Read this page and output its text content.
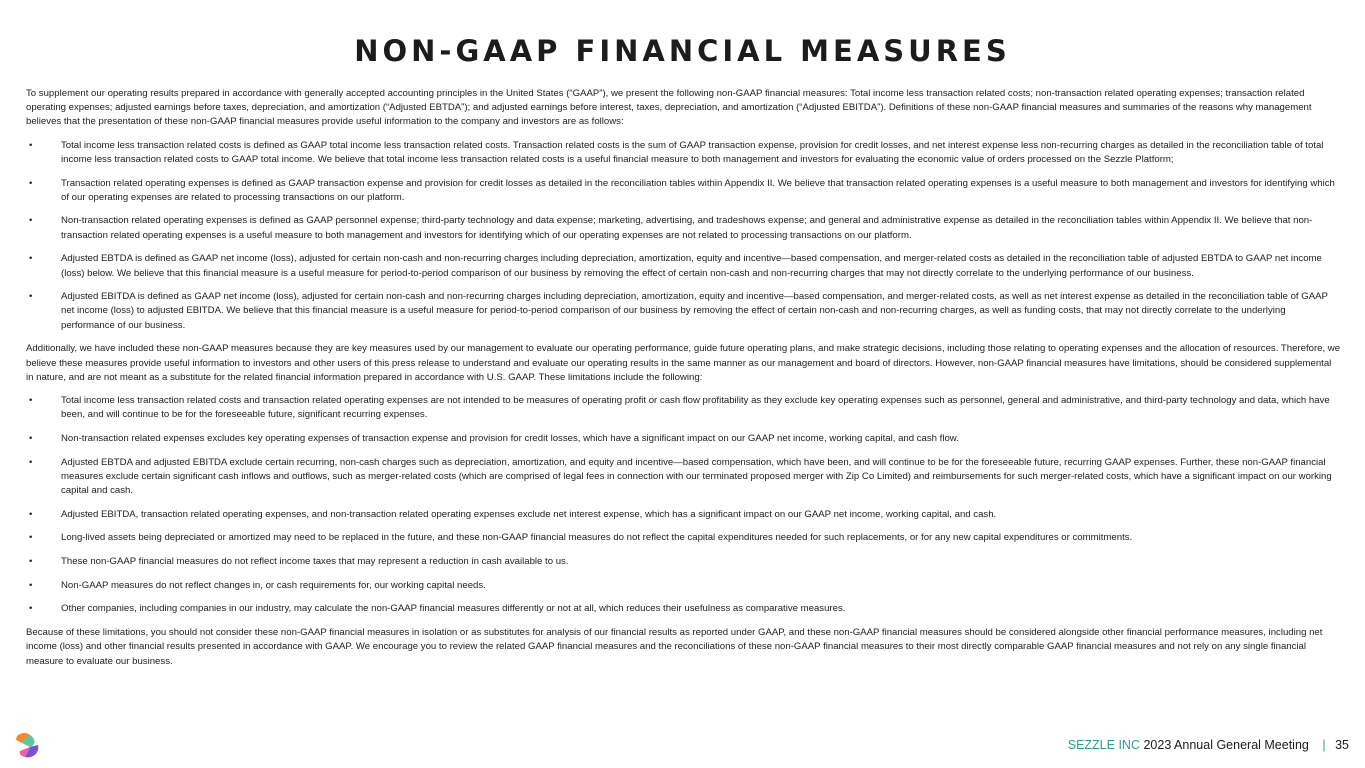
NON-GAAP FINANCIAL MEASURES

To supplement our operating results prepared in accordance with generally accepted accounting principles in the United States (“GAAP”), we present the following non-GAAP financial measures: Total income less transaction related costs; non-transaction related operating expenses; transaction related operating expenses; adjusted earnings before taxes, depreciation, and amortization (“Adjusted EBTDA”); and adjusted earnings before interest, taxes, depreciation, and amortization (“Adjusted EBITDA”). Definitions of these non-GAAP financial measures and summaries of the reasons why management believes that the presentation of these non-GAAP financial measures provide useful information to the company and investors are as follows:

•	Total income less transaction related costs is defined as GAAP total income less transaction related costs. Transaction related costs is the sum of GAAP transaction expense, provision for credit losses, and net interest expense less non-recurring charges as detailed in the reconciliation table of total income less transaction related costs to GAAP total income. We believe that total income less transaction related costs is a useful financial measure to both management and investors for evaluating the economic value of orders processed on the Sezzle Platform;
•	Transaction related operating expenses is defined as GAAP transaction expense and provision for credit losses as detailed in the reconciliation tables within Appendix II. We believe that transaction related operating expenses is a useful measure to both management and investors for identifying which of our operating expenses are related to processing transactions on our platform.
•	Non-transaction related operating expenses is defined as GAAP personnel expense; third-party technology and data expense; marketing, advertising, and tradeshows expense; and general and administrative expense as detailed in the reconciliation tables within Appendix II. We believe that non-transaction related operating expenses is a useful measure to both management and investors for identifying which of our operating expenses are not related to processing transactions on our platform.
•	Adjusted EBTDA is defined as GAAP net income (loss), adjusted for certain non-cash and non-recurring charges including depreciation, amortization, equity and incentive—based compensation, and merger-related costs as detailed in the reconciliation table of adjusted EBTDA to GAAP net income (loss) below. We believe that this financial measure is a useful measure for period-to-period comparison of our business by removing the effect of certain non-cash and non-recurring charges that may not directly correlate to the underlying performance of our business.
•	Adjusted EBITDA is defined as GAAP net income (loss), adjusted for certain non-cash and non-recurring charges including depreciation, amortization, equity and incentive—based compensation, and merger-related costs, as well as net interest expense as detailed in the reconciliation table of GAAP net income (loss) to adjusted EBITDA. We believe that this financial measure is a useful measure for period-to-period comparison of our business by removing the effect of certain non-cash and non-recurring charges, as well as funding costs, that may not directly correlate to the underlying performance of our business.

Additionally, we have included these non-GAAP measures because they are key measures used by our management to evaluate our operating performance, guide future operating plans, and make strategic decisions, including those relating to operating expenses and the allocation of resources. Therefore, we believe these measures provide useful information to investors and other users of this press release to understand and evaluate our operating results in the same manner as our management and board of directors. However, non-GAAP financial measures have limitations, should be considered supplemental in nature, and are not meant as a substitute for the related financial information prepared in accordance with U.S. GAAP. These limitations include the following:

•	Total income less transaction related costs and transaction related operating expenses are not intended to be measures of operating profit or cash flow profitability as they exclude key operating expenses such as personnel, general and administrative, and third-party technology and data, which have been, and will continue to be for the foreseeable future, significant recurring expenses.
•	Non-transaction related expenses excludes key operating expenses of transaction expense and provision for credit losses, which have a significant impact on our GAAP net income, working capital, and cash flow.
•	Adjusted EBTDA and adjusted EBITDA exclude certain recurring, non-cash charges such as depreciation, amortization, and equity and incentive—based compensation, which have been, and will continue to be for the foreseeable future, recurring GAAP expenses. Further, these non-GAAP financial measures exclude certain significant cash inflows and outflows, such as merger-related costs (which are comprised of legal fees in connection with our terminated proposed merger with Zip Co Limited) and reimbursements for such merger-related costs, which have a significant impact on our working capital and cash.
•	Adjusted EBITDA, transaction related operating expenses, and non-transaction related operating expenses exclude net interest expense, which has a significant impact on our GAAP net income, working capital, and cash.
•	Long-lived assets being depreciated or amortized may need to be replaced in the future, and these non-GAAP financial measures do not reflect the capital expenditures needed for such replacements, or for any new capital expenditures or commitments.
•	These non-GAAP financial measures do not reflect income taxes that may represent a reduction in cash available to us.
•	Non-GAAP measures do not reflect changes in, or cash requirements for, our working capital needs.
•	Other companies, including companies in our industry, may calculate the non-GAAP financial measures differently or not at all, which reduces their usefulness as comparative measures.

Because of these limitations, you should not consider these non-GAAP financial measures in isolation or as substitutes for analysis of our financial results as reported under GAAP, and these non-GAAP financial measures should be considered alongside other financial performance measures, including net income (loss) and other financial results presented in accordance with GAAP. We encourage you to review the related GAAP financial measures and the reconciliations of these non-GAAP financial measures to their most directly comparable GAAP financial measures and not rely on any single financial measure to evaluate our business.

SEZZLE INC 2023 Annual General Meeting | 35
